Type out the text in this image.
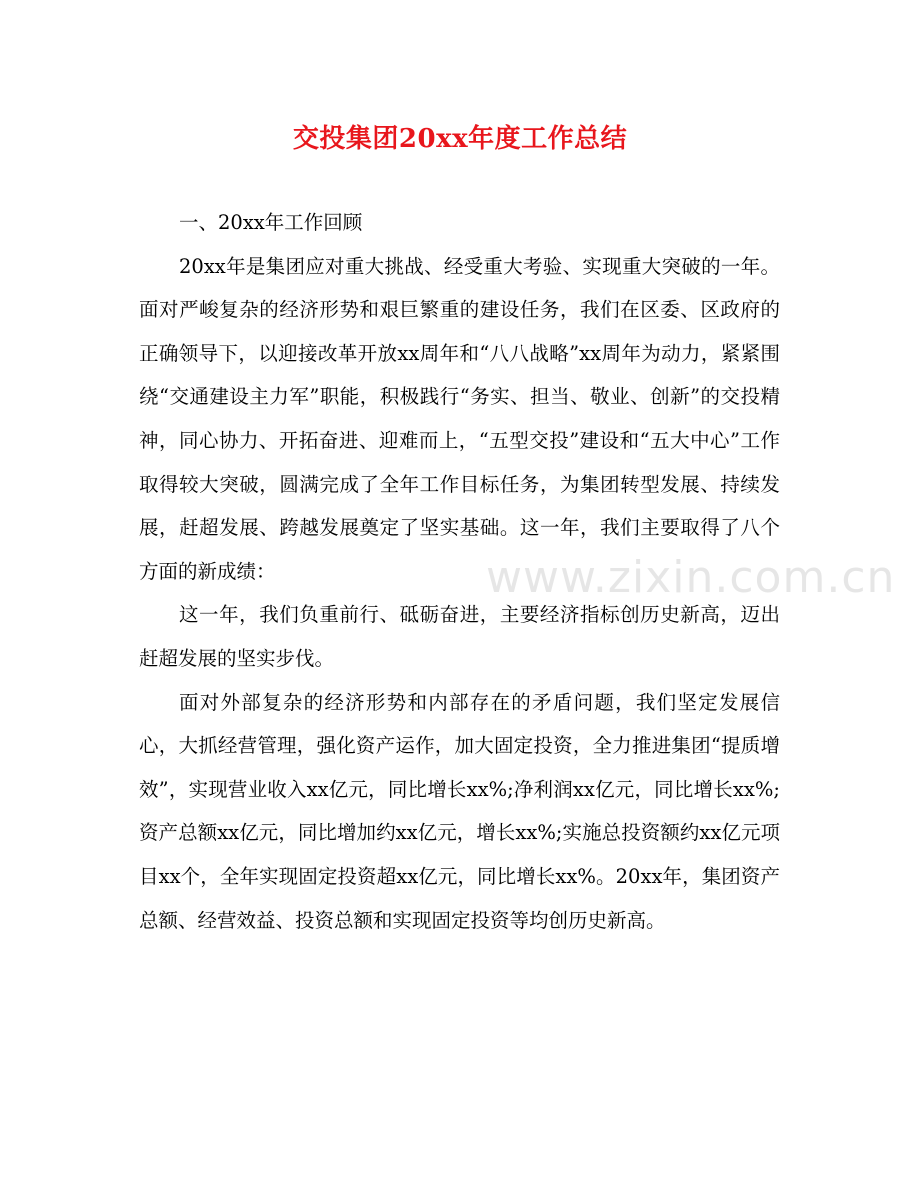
交投集团20xx年度工作总结

一、20xx年工作回顾

20xx年是集团应对重大挑战、经受重大考验、实现重大突破的一年。面对严峻复杂的经济形势和艰巨繁重的建设任务，我们在区委、区政府的正确领导下，以迎接改革开放xx周年和“八八战略”xx周年为动力，紧紧围绕“交通建设主力军”职能，积极践行“务实、担当、敬业、创新”的交投精神，同心协力、开拓奋进、迎难而上，“五型交投”建设和“五大中心”工作取得较大突破，圆满完成了全年工作目标任务，为集团转型发展、持续发展，赶超发展、跨越发展奠定了坚实基础。这一年，我们主要取得了八个方面的新成绩：

这一年，我们负重前行、砥砺奋进，主要经济指标创历史新高，迈出赶超发展的坚实步伐。

面对外部复杂的经济形势和内部存在的矛盾问题，我们坚定发展信心，大抓经营管理，强化资产运作，加大固定投资，全力推进集团“提质增效”，实现营业收入xx亿元，同比增长xx%;净利润xx亿元，同比增长xx%;资产总额xx亿元，同比增加约xx亿元，增长xx%;实施总投资额约xx亿元项目xx个，全年实现固定投资超xx亿元，同比增长xx%。20xx年，集团资产总额、经营效益、投资总额和实现固定投资等均创历史新高。

www.zixin.com.cn
